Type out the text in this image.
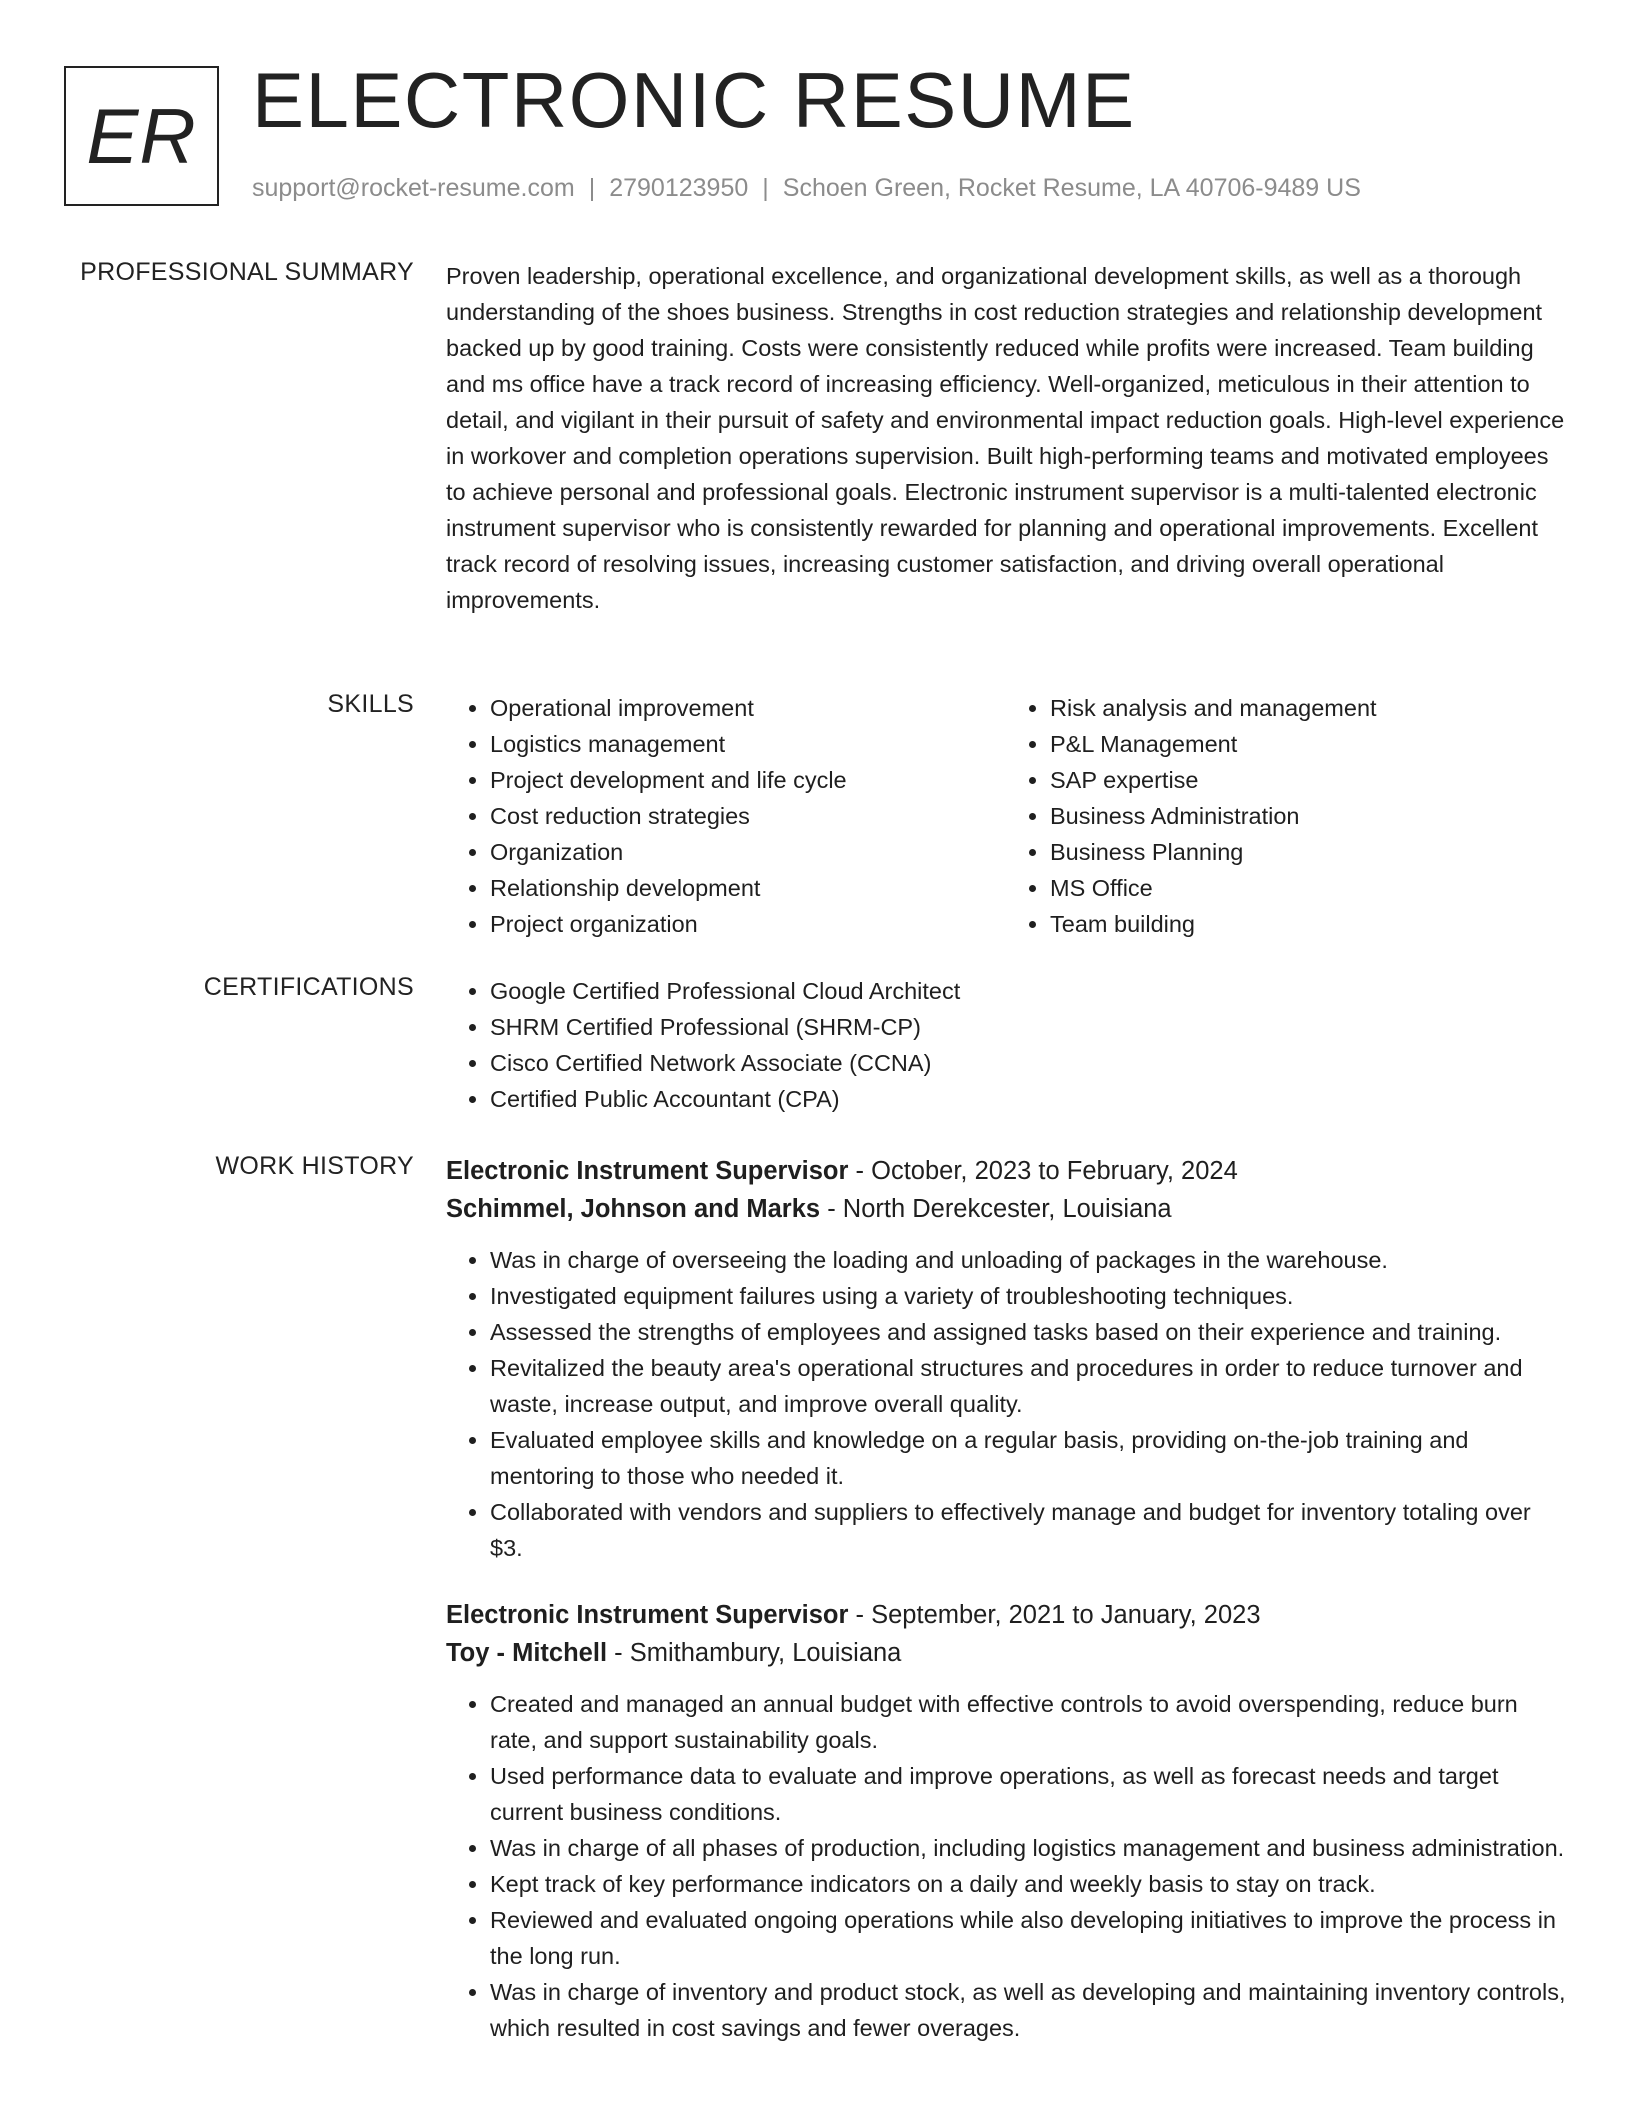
ER ELECTRONIC RESUME
support@rocket-resume.com | 2790123950 | Schoen Green, Rocket Resume, LA 40706-9489 US
PROFESSIONAL SUMMARY Proven leadership, operational excellence, and organizational development skills, as well as a thorough understanding of the shoes business. Strengths in cost reduction strategies and relationship development backed up by good training. Costs were consistently reduced while profits were increased. Team building and ms office have a track record of increasing efficiency. Well-organized, meticulous in their attention to detail, and vigilant in their pursuit of safety and environmental impact reduction goals. High-level experience in workover and completion operations supervision. Built high-performing teams and motivated employees to achieve personal and professional goals. Electronic instrument supervisor is a multi-talented electronic instrument supervisor who is consistently rewarded for planning and operational improvements. Excellent track record of resolving issues, increasing customer satisfaction, and driving overall operational improvements.

SKILLS	• Operational improvement
• Logistics management
• Project development and life cycle
• Cost reduction strategies
• Organization
• Relationship development
• Project organization
• Risk analysis and management
• P&L Management
• SAP expertise
• Business Administration
• Business Planning
• MS Office
• Team building
CERTIFICATIONS	• Google Certified Professional Cloud Architect
• SHRM Certified Professional (SHRM-CP)
• Cisco Certified Network Associate (CCNA)
• Certified Public Accountant (CPA)
WORK HISTORY Electronic Instrument Supervisor - October, 2023 to February, 2024
Schimmel, Johnson and Marks - North Derekcester, Louisiana
• Was in charge of overseeing the loading and unloading of packages in the warehouse.
• Investigated equipment failures using a variety of troubleshooting techniques.
• Assessed the strengths of employees and assigned tasks based on their experience and training.
• Revitalized the beauty area's operational structures and procedures in order to reduce turnover and waste, increase output, and improve overall quality.
• Evaluated employee skills and knowledge on a regular basis, providing on-the-job training and mentoring to those who needed it.
• Collaborated with vendors and suppliers to effectively manage and budget for inventory totaling over $3.
Electronic Instrument Supervisor - September, 2021 to January, 2023
Toy - Mitchell - Smithambury, Louisiana
• Created and managed an annual budget with effective controls to avoid overspending, reduce burn rate, and support sustainability goals.
• Used performance data to evaluate and improve operations, as well as forecast needs and target current business conditions.
• Was in charge of all phases of production, including logistics management and business administration.
• Kept track of key performance indicators on a daily and weekly basis to stay on track.
• Reviewed and evaluated ongoing operations while also developing initiatives to improve the process in the long run.
• Was in charge of inventory and product stock, as well as developing and maintaining inventory controls, which resulted in cost savings and fewer overages.
